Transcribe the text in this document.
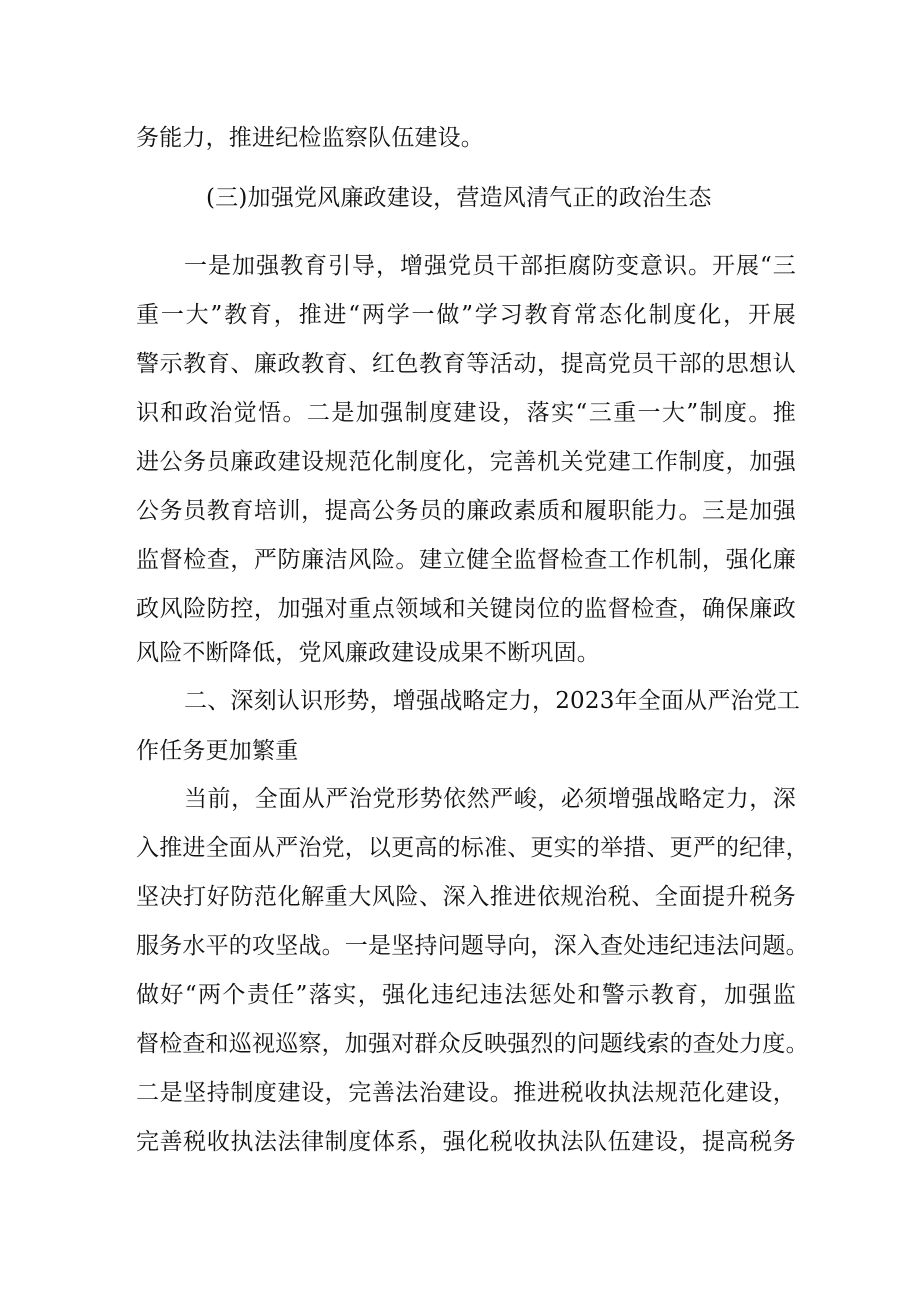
务能力，推进纪检监察队伍建设。
(三)加强党风廉政建设，营造风清气正的政治生态
一是加强教育引导，增强党员干部拒腐防变意识。开展“三
重一大”教育，推进“两学一做”学习教育常态化制度化，开展
警示教育、廉政教育、红色教育等活动，提高党员干部的思想认
识和政治觉悟。二是加强制度建设，落实“三重一大”制度。推
进公务员廉政建设规范化制度化，完善机关党建工作制度，加强
公务员教育培训，提高公务员的廉政素质和履职能力。三是加强
监督检查，严防廉洁风险。建立健全监督检查工作机制，强化廉
政风险防控，加强对重点领域和关键岗位的监督检查，确保廉政
风险不断降低，党风廉政建设成果不断巩固。
二、深刻认识形势，增强战略定力，2023年全面从严治党工
作任务更加繁重
当前，全面从严治党形势依然严峻，必须增强战略定力，深
入推进全面从严治党，以更高的标准、更实的举措、更严的纪律，
坚决打好防范化解重大风险、深入推进依规治税、全面提升税务
服务水平的攻坚战。一是坚持问题导向，深入查处违纪违法问题。
做好“两个责任”落实，强化违纪违法惩处和警示教育，加强监
督检查和巡视巡察，加强对群众反映强烈的问题线索的查处力度。
二是坚持制度建设，完善法治建设。推进税收执法规范化建设，
完善税收执法法律制度体系，强化税收执法队伍建设，提高税务
